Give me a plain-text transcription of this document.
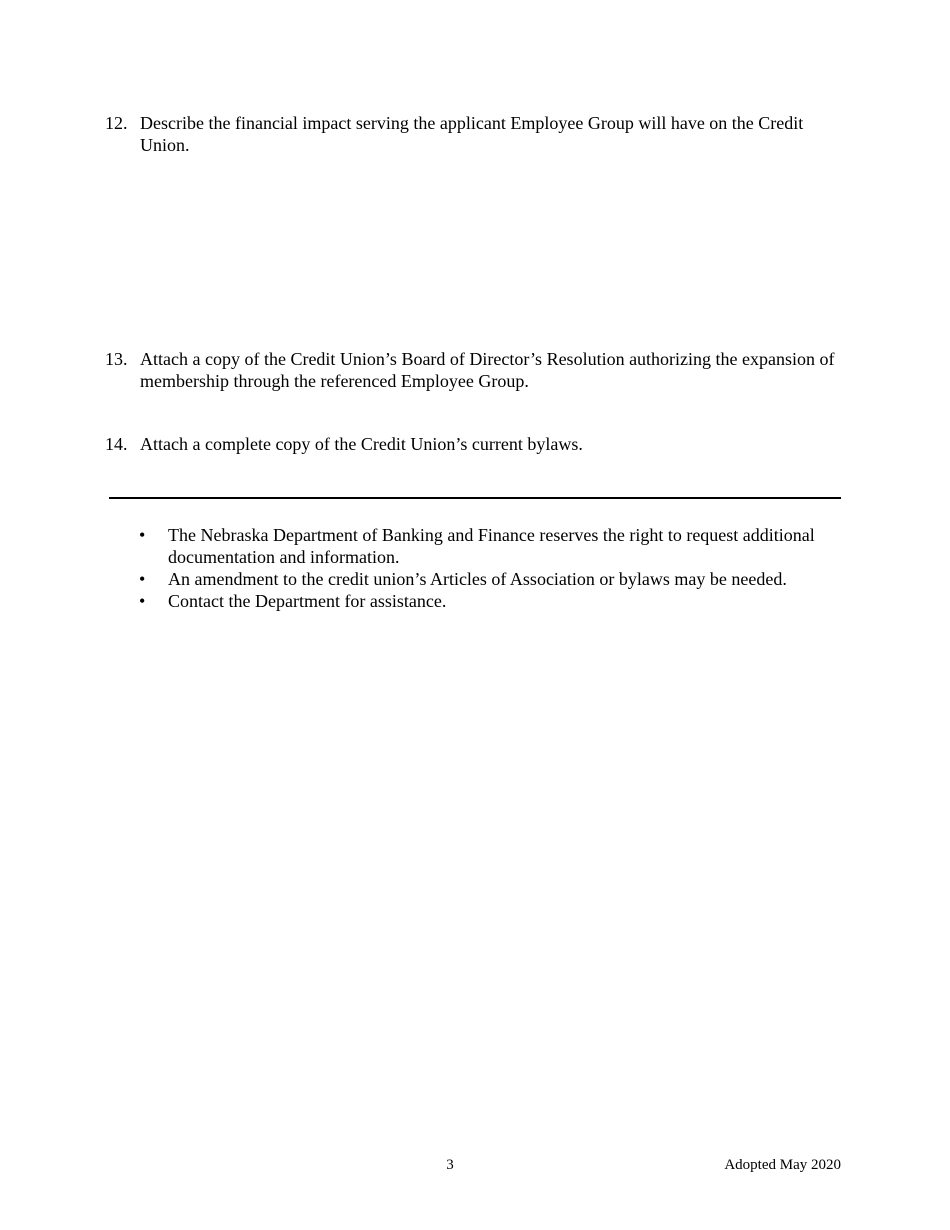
12. Describe the financial impact serving the applicant Employee Group will have on the Credit Union.
13. Attach a copy of the Credit Union’s Board of Director’s Resolution authorizing the expansion of membership through the referenced Employee Group.
14. Attach a complete copy of the Credit Union’s current bylaws.
• The Nebraska Department of Banking and Finance reserves the right to request additional documentation and information.
• An amendment to the credit union’s Articles of Association or bylaws may be needed.
• Contact the Department for assistance.
3	Adopted May 2020
